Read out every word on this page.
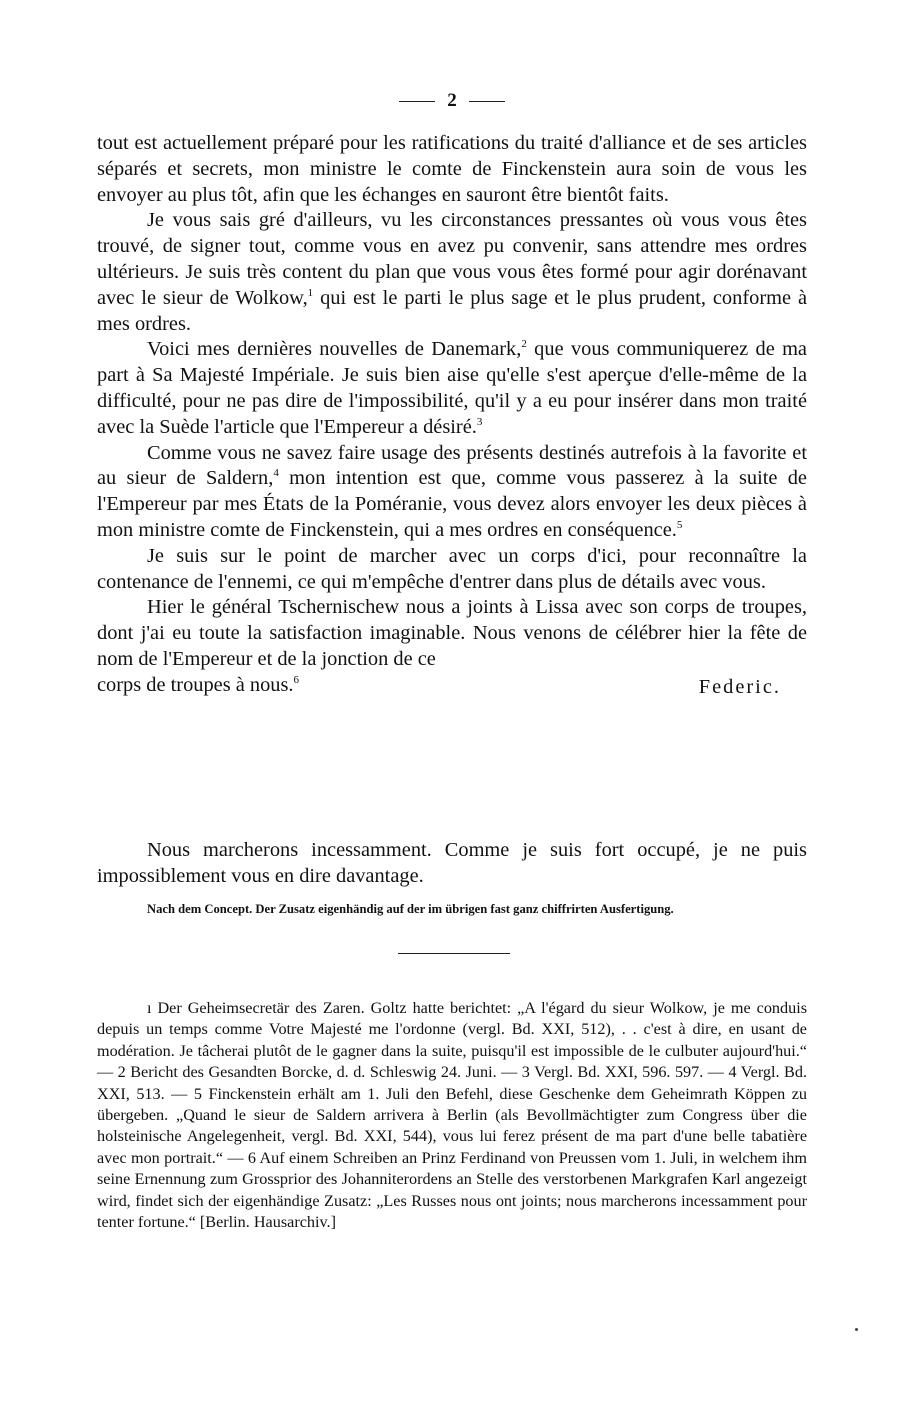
2

tout est actuellement préparé pour les ratifications du traité d'alliance et de ses articles séparés et secrets, mon ministre le comte de Finckenstein aura soin de vous les envoyer au plus tôt, afin que les échanges en sauront être bientôt faits.

Je vous sais gré d'ailleurs, vu les circonstances pressantes où vous vous êtes trouvé, de signer tout, comme vous en avez pu convenir, sans attendre mes ordres ultérieurs. Je suis très content du plan que vous vous êtes formé pour agir dorénavant avec le sieur de Wolkow,$^1$ qui est le parti le plus sage et le plus prudent, conforme à mes ordres.

Voici mes dernières nouvelles de Danemark,$^2$ que vous communiquerez de ma part à Sa Majesté Impériale. Je suis bien aise qu'elle s'est aperçue d'elle-même de la difficulté, pour ne pas dire de l'impossibilité, qu'il y a eu pour insérer dans mon traité avec la Suède l'article que l'Empereur a désiré.$^3$

Comme vous ne savez faire usage des présents destinés autrefois à la favorite et au sieur de Saldern,$^4$ mon intention est que, comme vous passerez à la suite de l'Empereur par mes États de la Poméranie, vous devez alors envoyer les deux pièces à mon ministre comte de Finckenstein, qui a mes ordres en conséquence.$^5$

Je suis sur le point de marcher avec un corps d'ici, pour reconnaître la contenance de l'ennemi, ce qui m'empêche d'entrer dans plus de détails avec vous.

Hier le général Tschernischew nous a joints à Lissa avec son corps de troupes, dont j'ai eu toute la satisfaction imaginable. Nous venons de célébrer hier la fête de nom de l'Empereur et de la jonction de ce

corps de troupes à nous.$^6$	Federic.

Nous marcherons incessamment. Comme je suis fort occupé, je ne puis impossiblement vous en dire davantage.

Nach dem Concept. Der Zusatz eigenhändig auf der im übrigen fast ganz chiffrirten Ausfertigung.

ı Der Geheimsecretär des Zaren. Goltz hatte berichtet: „A l'égard du sieur Wolkow, je me conduis depuis un temps comme Votre Majesté me l'ordonne (vergl. Bd. XXI, 512), . . c'est à dire, en usant de modération. Je tâcherai plutôt de le gagner dans la suite, puisqu'il est impossible de le culbuter aujourd'hui.“ — 2 Bericht des Gesandten Borcke, d. d. Schleswig 24. Juni. — 3 Vergl. Bd. XXI, 596. 597. — 4 Vergl. Bd. XXI, 513. — 5 Finckenstein erhält am 1. Juli den Befehl, diese Geschenke dem Geheimrath Köppen zu übergeben. „Quand le sieur de Saldern arrivera à Berlin (als Bevollmächtigter zum Congress über die holsteinische Angelegenheit, vergl. Bd. XXI, 544), vous lui ferez présent de ma part d'une belle tabatière avec mon portrait.“ — 6 Auf einem Schreiben an Prinz Ferdinand von Preussen vom 1. Juli, in welchem ihm seine Ernennung zum Grossprior des Johanniterordens an Stelle des verstorbenen Markgrafen Karl angezeigt wird, findet sich der eigenhändige Zusatz: „Les Russes nous ont joints; nous marcherons incessamment pour tenter fortune.“ [Berlin. Hausarchiv.]
